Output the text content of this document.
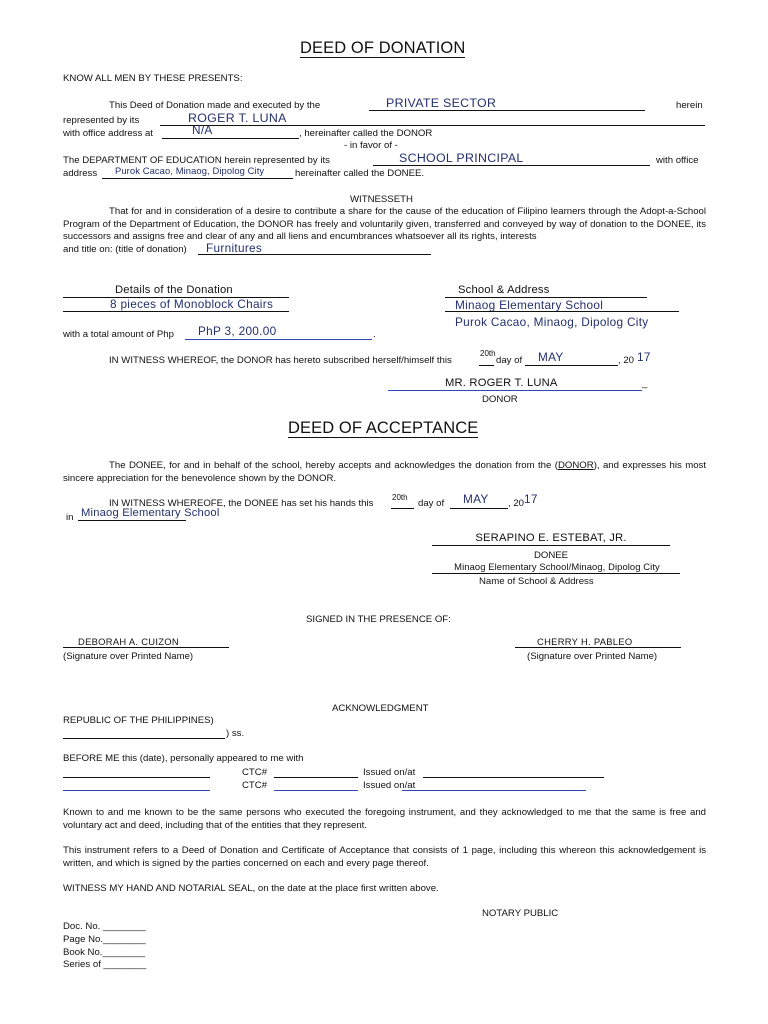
DEED OF DONATION
KNOW ALL MEN BY THESE PRESENTS:
This Deed of Donation made and executed by the	PRIVATE SECTOR	herein
represented by its	ROGER T. LUNA
with office address at	N/A	, hereinafter called the DONOR
- in favor of -
The DEPARTMENT OF EDUCATION herein represented by its	SCHOOL PRINCIPAL	with office
address Purok Cacao, Minaog, Dipolog City	hereinafter called the DONEE.
WITNESSETH
That for and in consideration of a desire to contribute a share for the cause of the education of Filipino learners through the Adopt-a-School Program of the Department of Education, the DONOR has freely and voluntarily given, transferred and conveyed by way of donation to the DONEE, its successors and assigns free and clear of any and all liens and encumbrances whatsoever all its rights, interests
and title on: (title of donation) Furnitures
Details of the Donation
8 pieces of Monoblock Chairs
School & Address
Minaog Elementary School
Purok Cacao, Minaog, Dipolog City
with a total amount of Php PhP 3, 200.00	.
IN WITNESS WHEREOF, the DONOR has hereto subscribed herself/himself this
20th
day of MAY	, 20 17
_
MR. ROGER T. LUNA
DONOR
DEED OF ACCEPTANCE
The DONEE, for and in behalf of the school, hereby accepts and acknowledges the donation from the (DONOR), and expresses his most sincere appreciation for the benevolence shown by the DONOR.
IN WITNESS WHEREOFE, the DONEE has set his hands this
20th
day of MAY , 20 17
in Minaog Elementary School
SERAPINO E. ESTEBAT, JR.
DONEE
Minaog Elementary School/Minaog, Dipolog City
Name of School & Address
SIGNED IN THE PRESENCE OF:
DEBORAH A. CUIZON
(Signature over Printed Name)
CHERRY H. PABLEO
(Signature over Printed Name)
ACKNOWLEDGMENT
REPUBLIC OF THE PHILIPPINES)
) ss.
BEFORE ME this (date), personally appeared to me with
CTC#	Issued on/at
CTC#	Issued on/at
Known to and me known to be the same persons who executed the foregoing instrument, and they acknowledged to me that the same is free and voluntary act and deed, including that of the entities that they represent.
This instrument refers to a Deed of Donation and Certificate of Acceptance that consists of 1 page, including this whereon this acknowledgement is written, and which is signed by the parties concerned on each and every page thereof.
WITNESS MY HAND AND NOTARIAL SEAL, on the date at the place first written above.
NOTARY PUBLIC
Doc. No. ________
Page No.________
Book No.________
Series of ________
